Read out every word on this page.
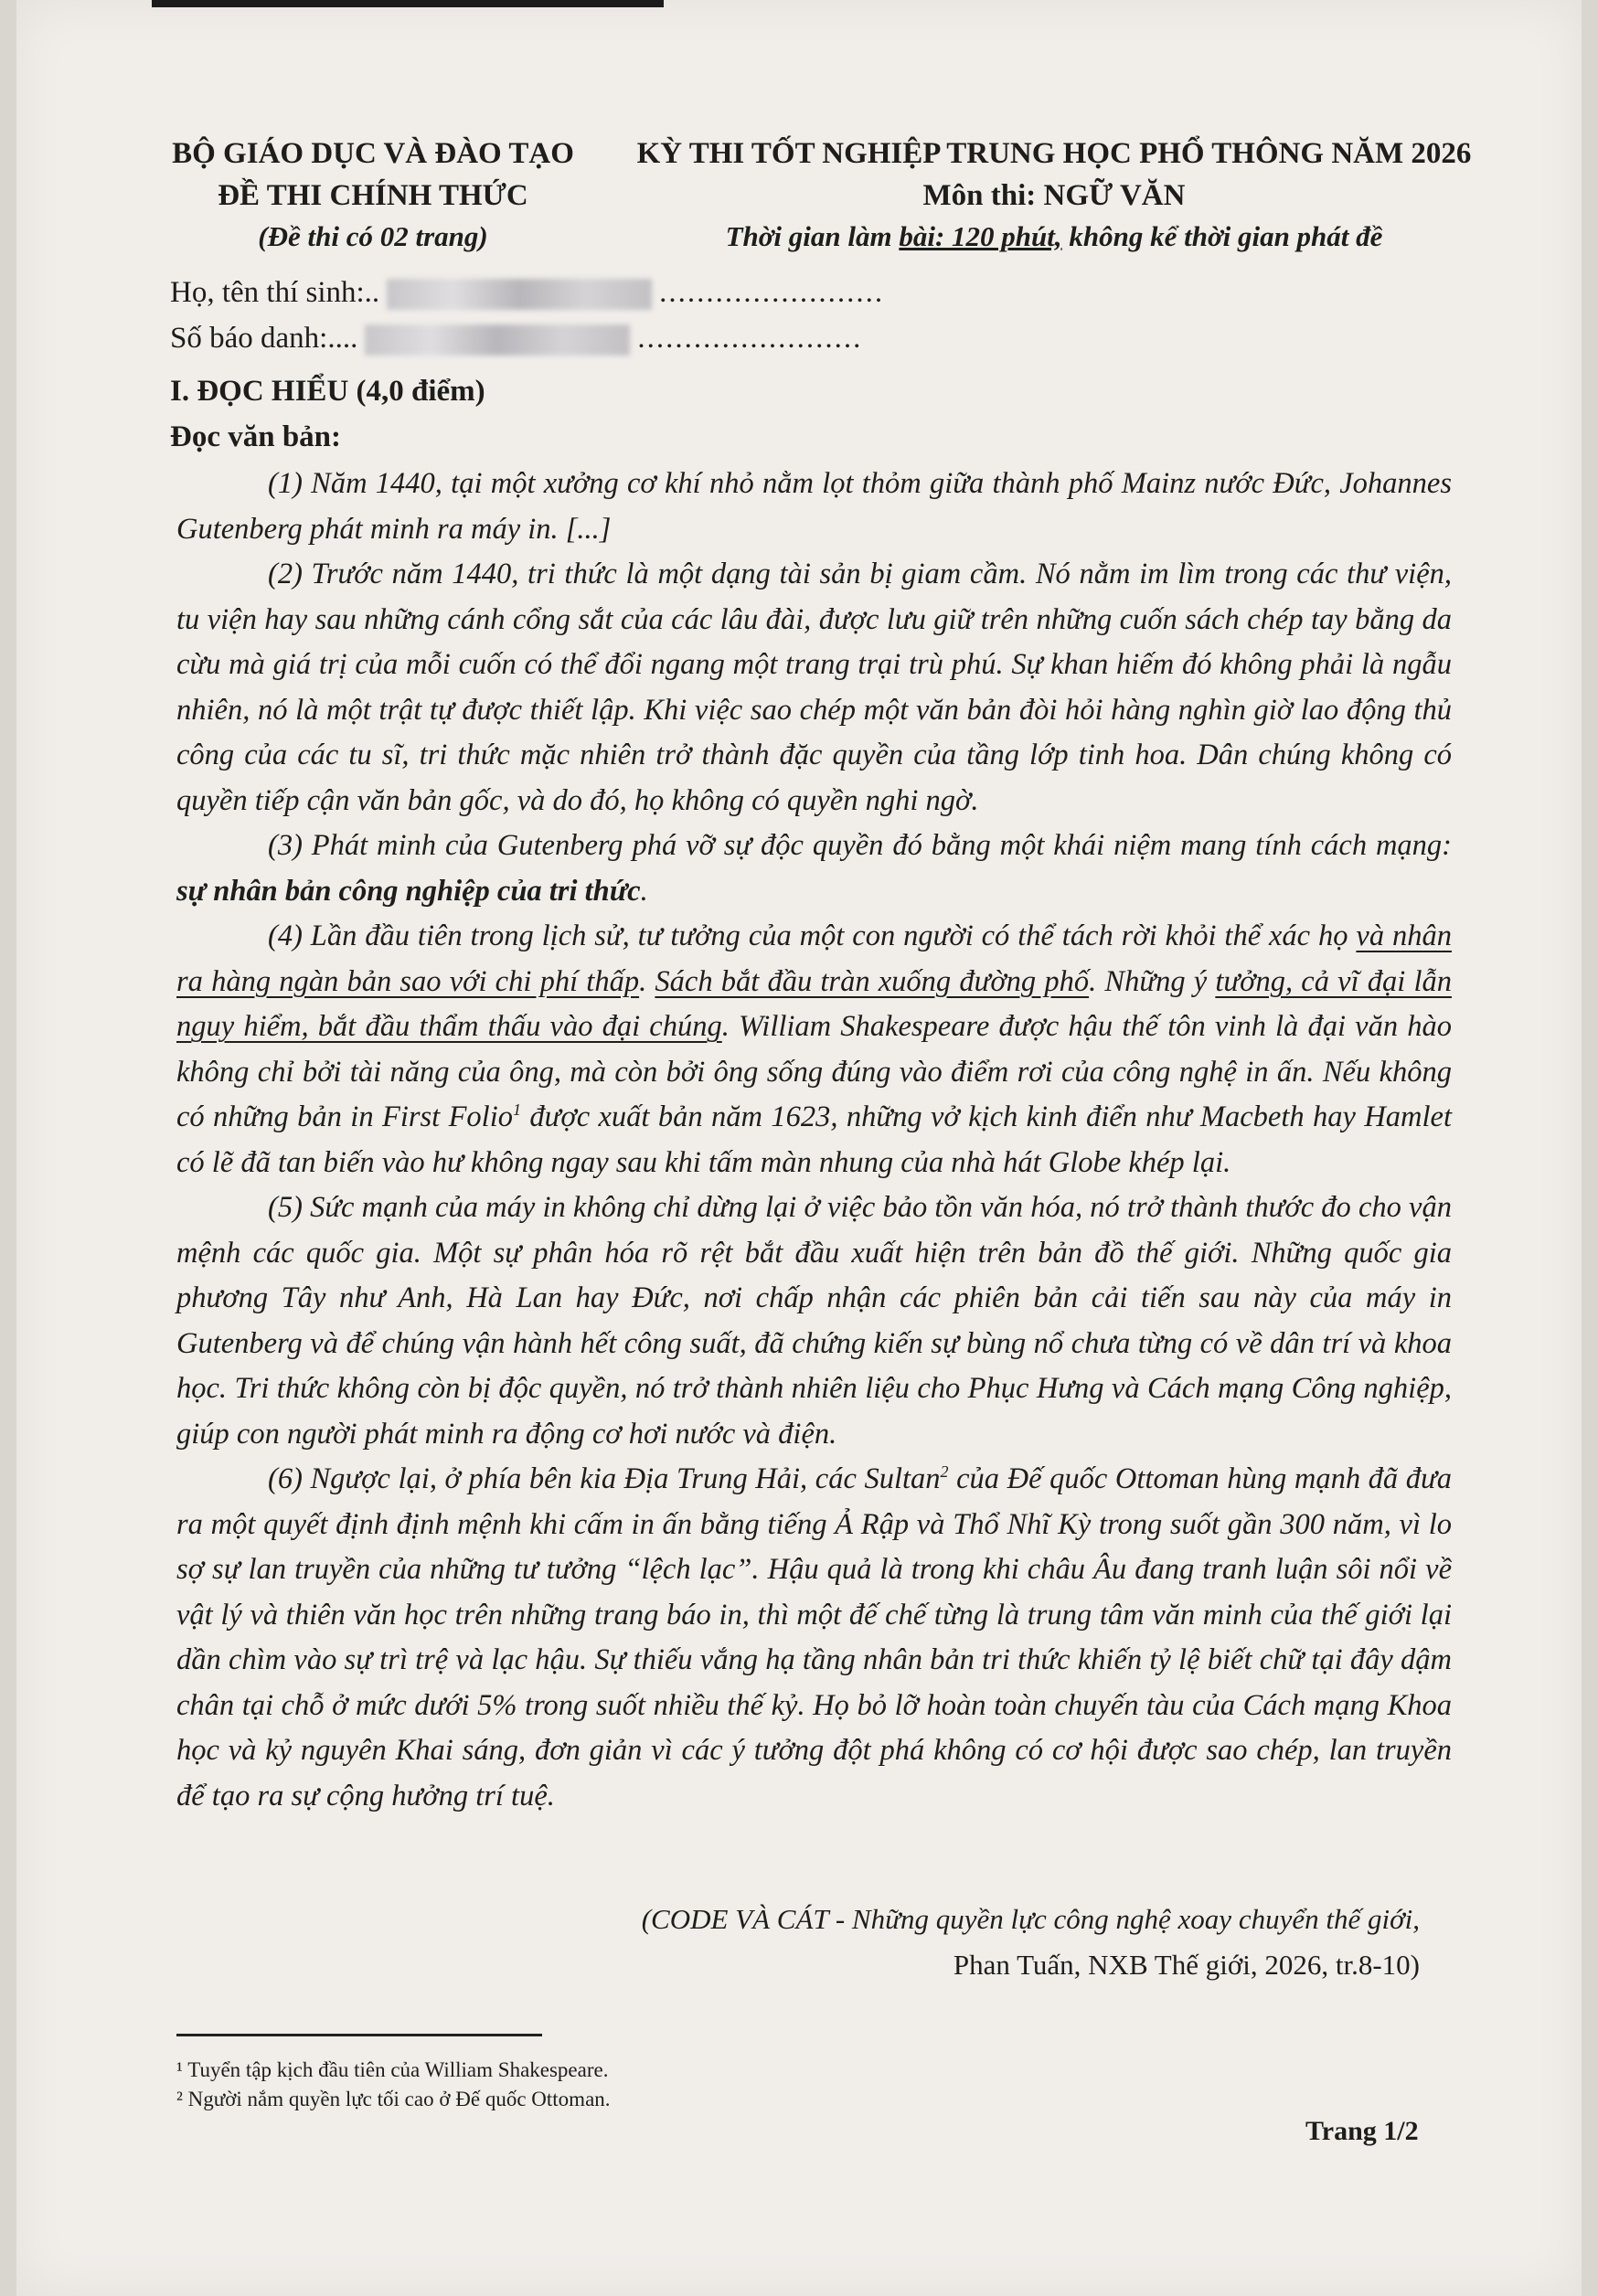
BỘ GIÁO DỤC VÀ ĐÀO TẠO
ĐỀ THI CHÍNH THỨC
(Đề thi có 02 trang)
KỲ THI TỐT NGHIỆP TRUNG HỌC PHỔ THÔNG NĂM 2026
Môn thi: NGỮ VĂN
Thời gian làm bài: 120 phút, không kể thời gian phát đề
Họ, tên thí sinh:..	........................
Số báo danh:....	........................
I. ĐỌC HIỂU (4,0 điểm)
Đọc văn bản:

(1) Năm 1440, tại một xưởng cơ khí nhỏ nằm lọt thỏm giữa thành phố Mainz nước Đức, Johannes Gutenberg phát minh ra máy in. [...]

(2) Trước năm 1440, tri thức là một dạng tài sản bị giam cầm. Nó nằm im lìm trong các thư viện, tu viện hay sau những cánh cổng sắt của các lâu đài, được lưu giữ trên những cuốn sách chép tay bằng da cừu mà giá trị của mỗi cuốn có thể đổi ngang một trang trại trù phú. Sự khan hiếm đó không phải là ngẫu nhiên, nó là một trật tự được thiết lập. Khi việc sao chép một văn bản đòi hỏi hàng nghìn giờ lao động thủ công của các tu sĩ, tri thức mặc nhiên trở thành đặc quyền của tầng lớp tinh hoa. Dân chúng không có quyền tiếp cận văn bản gốc, và do đó, họ không có quyền nghi ngờ.

(3) Phát minh của Gutenberg phá vỡ sự độc quyền đó bằng một khái niệm mang tính cách mạng: sự nhân bản công nghiệp của tri thức.

(4) Lần đầu tiên trong lịch sử, tư tưởng của một con người có thể tách rời khỏi thể xác họ và nhân ra hàng ngàn bản sao với chi phí thấp. Sách bắt đầu tràn xuống đường phố. Những ý tưởng, cả vĩ đại lẫn nguy hiểm, bắt đầu thẩm thấu vào đại chúng. William Shakespeare được hậu thế tôn vinh là đại văn hào không chỉ bởi tài năng của ông, mà còn bởi ông sống đúng vào điểm rơi của công nghệ in ấn. Nếu không có những bản in First Folio$^1$ được xuất bản năm 1623, những vở kịch kinh điển như Macbeth hay Hamlet có lẽ đã tan biến vào hư không ngay sau khi tấm màn nhung của nhà hát Globe khép lại.

(5) Sức mạnh của máy in không chỉ dừng lại ở việc bảo tồn văn hóa, nó trở thành thước đo cho vận mệnh các quốc gia. Một sự phân hóa rõ rệt bắt đầu xuất hiện trên bản đồ thế giới. Những quốc gia phương Tây như Anh, Hà Lan hay Đức, nơi chấp nhận các phiên bản cải tiến sau này của máy in Gutenberg và để chúng vận hành hết công suất, đã chứng kiến sự bùng nổ chưa từng có về dân trí và khoa học. Tri thức không còn bị độc quyền, nó trở thành nhiên liệu cho Phục Hưng và Cách mạng Công nghiệp, giúp con người phát minh ra động cơ hơi nước và điện.

(6) Ngược lại, ở phía bên kia Địa Trung Hải, các Sultan$^2$ của Đế quốc Ottoman hùng mạnh đã đưa ra một quyết định định mệnh khi cấm in ấn bằng tiếng Ả Rập và Thổ Nhĩ Kỳ trong suốt gần 300 năm, vì lo sợ sự lan truyền của những tư tưởng “lệch lạc”. Hậu quả là trong khi châu Âu đang tranh luận sôi nổi về vật lý và thiên văn học trên những trang báo in, thì một đế chế từng là trung tâm văn minh của thế giới lại dần chìm vào sự trì trệ và lạc hậu. Sự thiếu vắng hạ tầng nhân bản tri thức khiến tỷ lệ biết chữ tại đây dậm chân tại chỗ ở mức dưới 5% trong suốt nhiều thế kỷ. Họ bỏ lỡ hoàn toàn chuyến tàu của Cách mạng Khoa học và kỷ nguyên Khai sáng, đơn giản vì các ý tưởng đột phá không có cơ hội được sao chép, lan truyền để tạo ra sự cộng hưởng trí tuệ.

(CODE VÀ CÁT - Những quyền lực công nghệ xoay chuyển thế giới,
Phan Tuấn, NXB Thế giới, 2026, tr.8-10)
¹ Tuyển tập kịch đầu tiên của William Shakespeare.
² Người nắm quyền lực tối cao ở Đế quốc Ottoman.
Trang 1/2
